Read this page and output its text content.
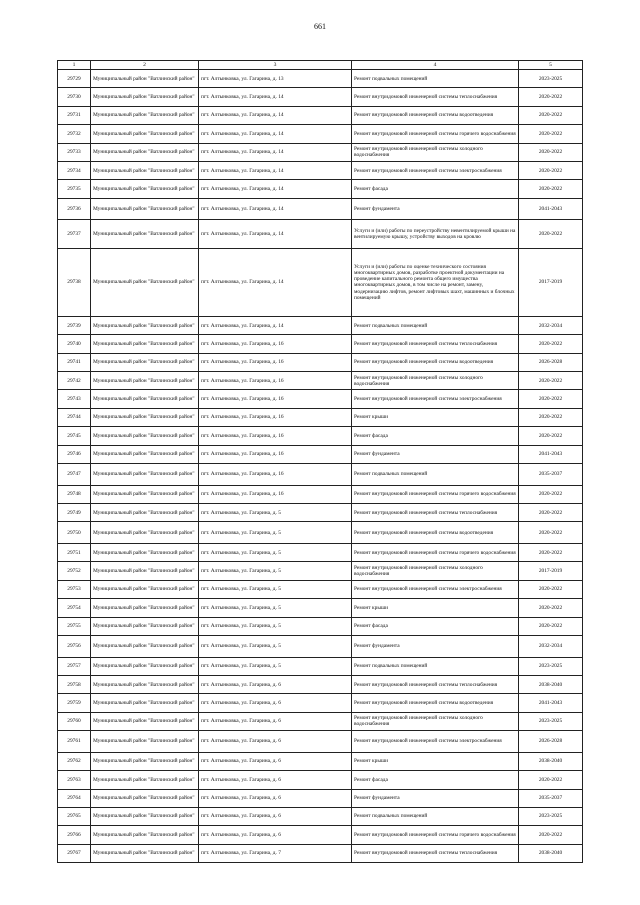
661
1	2	3	4	5
29729	Муниципальный район "Ватлинский район"	пгт. Алтынковка, ул. Гагарина, д. 13	Ремонт подвальных помещений	2023-2025
29730	Муниципальный район "Ватлинский район"	пгт. Алтынковка, ул. Гагарина, д. 14	Ремонт внутридомовой инженерной системы теплоснабжения	2020-2022
29731	Муниципальный район "Ватлинский район"	пгт. Алтынковка, ул. Гагарина, д. 14	Ремонт внутридомовой инженерной системы водоотведения	2020-2022
29732	Муниципальный район "Ватлинский район"	пгт. Алтынковка, ул. Гагарина, д. 14	Ремонт внутридомовой инженерной системы горячего водоснабжения	2020-2022
29733	Муниципальный район "Ватлинский район"	пгт. Алтынковка, ул. Гагарина, д. 14	Ремонт внутридомовой инженерной системы холодного водоснабжения	2020-2022
29734	Муниципальный район "Ватлинский район"	пгт. Алтынковка, ул. Гагарина, д. 14	Ремонт внутридомовой инженерной системы электроснабжения	2020-2022
29735	Муниципальный район "Ватлинский район"	пгт. Алтынковка, ул. Гагарина, д. 14	Ремонт фасада	2020-2022
29736	Муниципальный район "Ватлинский район"	пгт. Алтынковка, ул. Гагарина, д. 14	Ремонт фундамента	2041-2043
29737	Муниципальный район "Ватлинский район"	пгт. Алтынковка, ул. Гагарина, д. 14	Услуги и (или) работы по переустройству невентилируемой крыши на вентилируемую крышу, устройству выходов на кровлю	2020-2022
29738	Муниципальный район "Ватлинский район"	пгт. Алтынковка, ул. Гагарина, д. 14	Услуги и (или) работы по оценке технического состояния многоквартирных домов, разработке проектной документации на проведение капитального ремонта общего имущества многоквартирных домов, в том числе на ремонт, замену, модернизацию лифтов, ремонт лифтовых шахт, машинных и блочных помещений	2017-2019
29739	Муниципальный район "Ватлинский район"	пгт. Алтынковка, ул. Гагарина, д. 14	Ремонт подвальных помещений	2032-2034
29740	Муниципальный район "Ватлинский район"	пгт. Алтынковка, ул. Гагарина, д. 16	Ремонт внутридомовой инженерной системы теплоснабжения	2020-2022
29741	Муниципальный район "Ватлинский район"	пгт. Алтынковка, ул. Гагарина, д. 16	Ремонт внутридомовой инженерной системы водоотведения	2026-2028
29742	Муниципальный район "Ватлинский район"	пгт. Алтынковка, ул. Гагарина, д. 16	Ремонт внутридомовой инженерной системы холодного водоснабжения	2020-2022
29743	Муниципальный район "Ватлинский район"	пгт. Алтынковка, ул. Гагарина, д. 16	Ремонт внутридомовой инженерной системы электроснабжения	2020-2022
29744	Муниципальный район "Ватлинский район"	пгт. Алтынковка, ул. Гагарина, д. 16	Ремонт крыши	2020-2022
29745	Муниципальный район "Ватлинский район"	пгт. Алтынковка, ул. Гагарина, д. 16	Ремонт фасада	2020-2022
29746	Муниципальный район "Ватлинский район"	пгт. Алтынковка, ул. Гагарина, д. 16	Ремонт фундамента	2041-2043
29747	Муниципальный район "Ватлинский район"	пгт. Алтынковка, ул. Гагарина, д. 16	Ремонт подвальных помещений	2035-2037
29748	Муниципальный район "Ватлинский район"	пгт. Алтынковка, ул. Гагарина, д. 16	Ремонт внутридомовой инженерной системы горячего водоснабжения	2020-2022
29749	Муниципальный район "Ватлинский район"	пгт. Алтынковка, ул. Гагарина, д. 5	Ремонт внутридомовой инженерной системы теплоснабжения	2020-2022
29750	Муниципальный район "Ватлинский район"	пгт. Алтынковка, ул. Гагарина, д. 5	Ремонт внутридомовой инженерной системы водоотведения	2020-2022
29751	Муниципальный район "Ватлинский район"	пгт. Алтынковка, ул. Гагарина, д. 5	Ремонт внутридомовой инженерной системы горячего водоснабжения	2020-2022
29752	Муниципальный район "Ватлинский район"	пгт. Алтынковка, ул. Гагарина, д. 5	Ремонт внутридомовой инженерной системы холодного водоснабжения	2017-2019
29753	Муниципальный район "Ватлинский район"	пгт. Алтынковка, ул. Гагарина, д. 5	Ремонт внутридомовой инженерной системы электроснабжения	2020-2022
29754	Муниципальный район "Ватлинский район"	пгт. Алтынковка, ул. Гагарина, д. 5	Ремонт крыши	2020-2022
29755	Муниципальный район "Ватлинский район"	пгт. Алтынковка, ул. Гагарина, д. 5	Ремонт фасада	2020-2022
29756	Муниципальный район "Ватлинский район"	пгт. Алтынковка, ул. Гагарина, д. 5	Ремонт фундамента	2032-2034
29757	Муниципальный район "Ватлинский район"	пгт. Алтынковка, ул. Гагарина, д. 5	Ремонт подвальных помещений	2023-2025
29758	Муниципальный район "Ватлинский район"	пгт. Алтынковка, ул. Гагарина, д. 6	Ремонт внутридомовой инженерной системы теплоснабжения	2038-2040
29759	Муниципальный район "Ватлинский район"	пгт. Алтынковка, ул. Гагарина, д. 6	Ремонт внутридомовой инженерной системы водоотведения	2041-2043
29760	Муниципальный район "Ватлинский район"	пгт. Алтынковка, ул. Гагарина, д. 6	Ремонт внутридомовой инженерной системы холодного водоснабжения	2023-2025
29761	Муниципальный район "Ватлинский район"	пгт. Алтынковка, ул. Гагарина, д. 6	Ремонт внутридомовой инженерной системы электроснабжения	2026-2028
29762	Муниципальный район "Ватлинский район"	пгт. Алтынковка, ул. Гагарина, д. 6	Ремонт крыши	2038-2040
29763	Муниципальный район "Ватлинский район"	пгт. Алтынковка, ул. Гагарина, д. 6	Ремонт фасада	2020-2022
29764	Муниципальный район "Ватлинский район"	пгт. Алтынковка, ул. Гагарина, д. 6	Ремонт фундамента	2035-2037
29765	Муниципальный район "Ватлинский район"	пгт. Алтынковка, ул. Гагарина, д. 6	Ремонт подвальных помещений	2023-2025
29766	Муниципальный район "Ватлинский район"	пгт. Алтынковка, ул. Гагарина, д. 6	Ремонт внутридомовой инженерной системы горячего водоснабжения	2020-2022
29767	Муниципальный район "Ватлинский район"	пгт. Алтынковка, ул. Гагарина, д. 7	Ремонт внутридомовой инженерной системы теплоснабжения	2038-2040
